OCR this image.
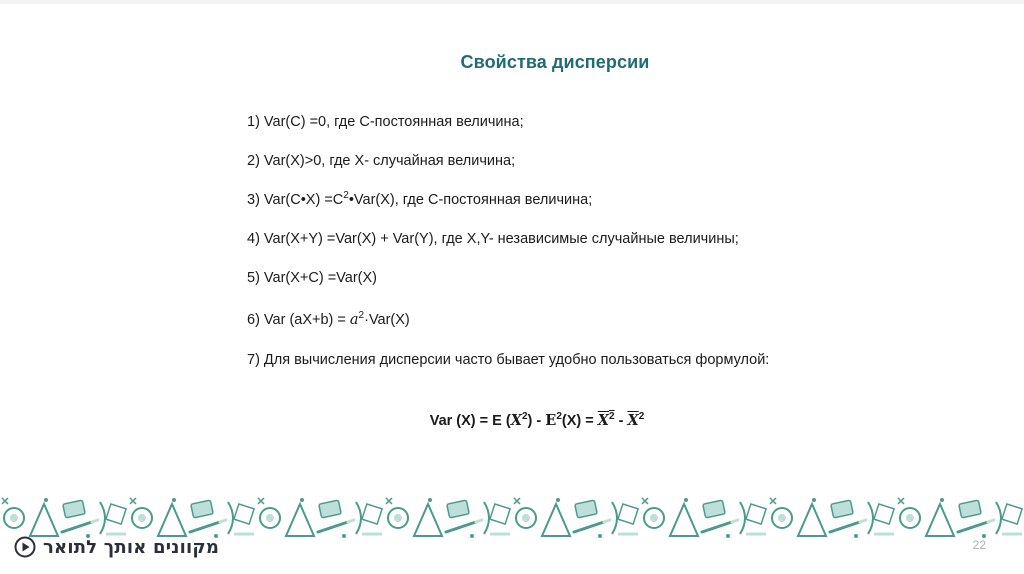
Свойства дисперсии
1) Var(C) =0, где С-постоянная величина;
2) Var(X)>0, где Х- случайная величина;
3) Var(С•Х) $=С^2•Var(X)$, где С-постоянная величина;
4) Var(X+Y) =Var(X) + Var(Y), где X,Y- независимые случайные величины;
5) Var(X+C) =Var(X)
6) Var $(aX+b) = a^2\cdot Var(X)$
7) Для вычисления дисперсии часто бывает удобно пользоваться формулой:
Var (X) = E $(X^2) - E^2(X) = X^2 - \overline{X}^2$
מקוונים אותך לתואר	22
